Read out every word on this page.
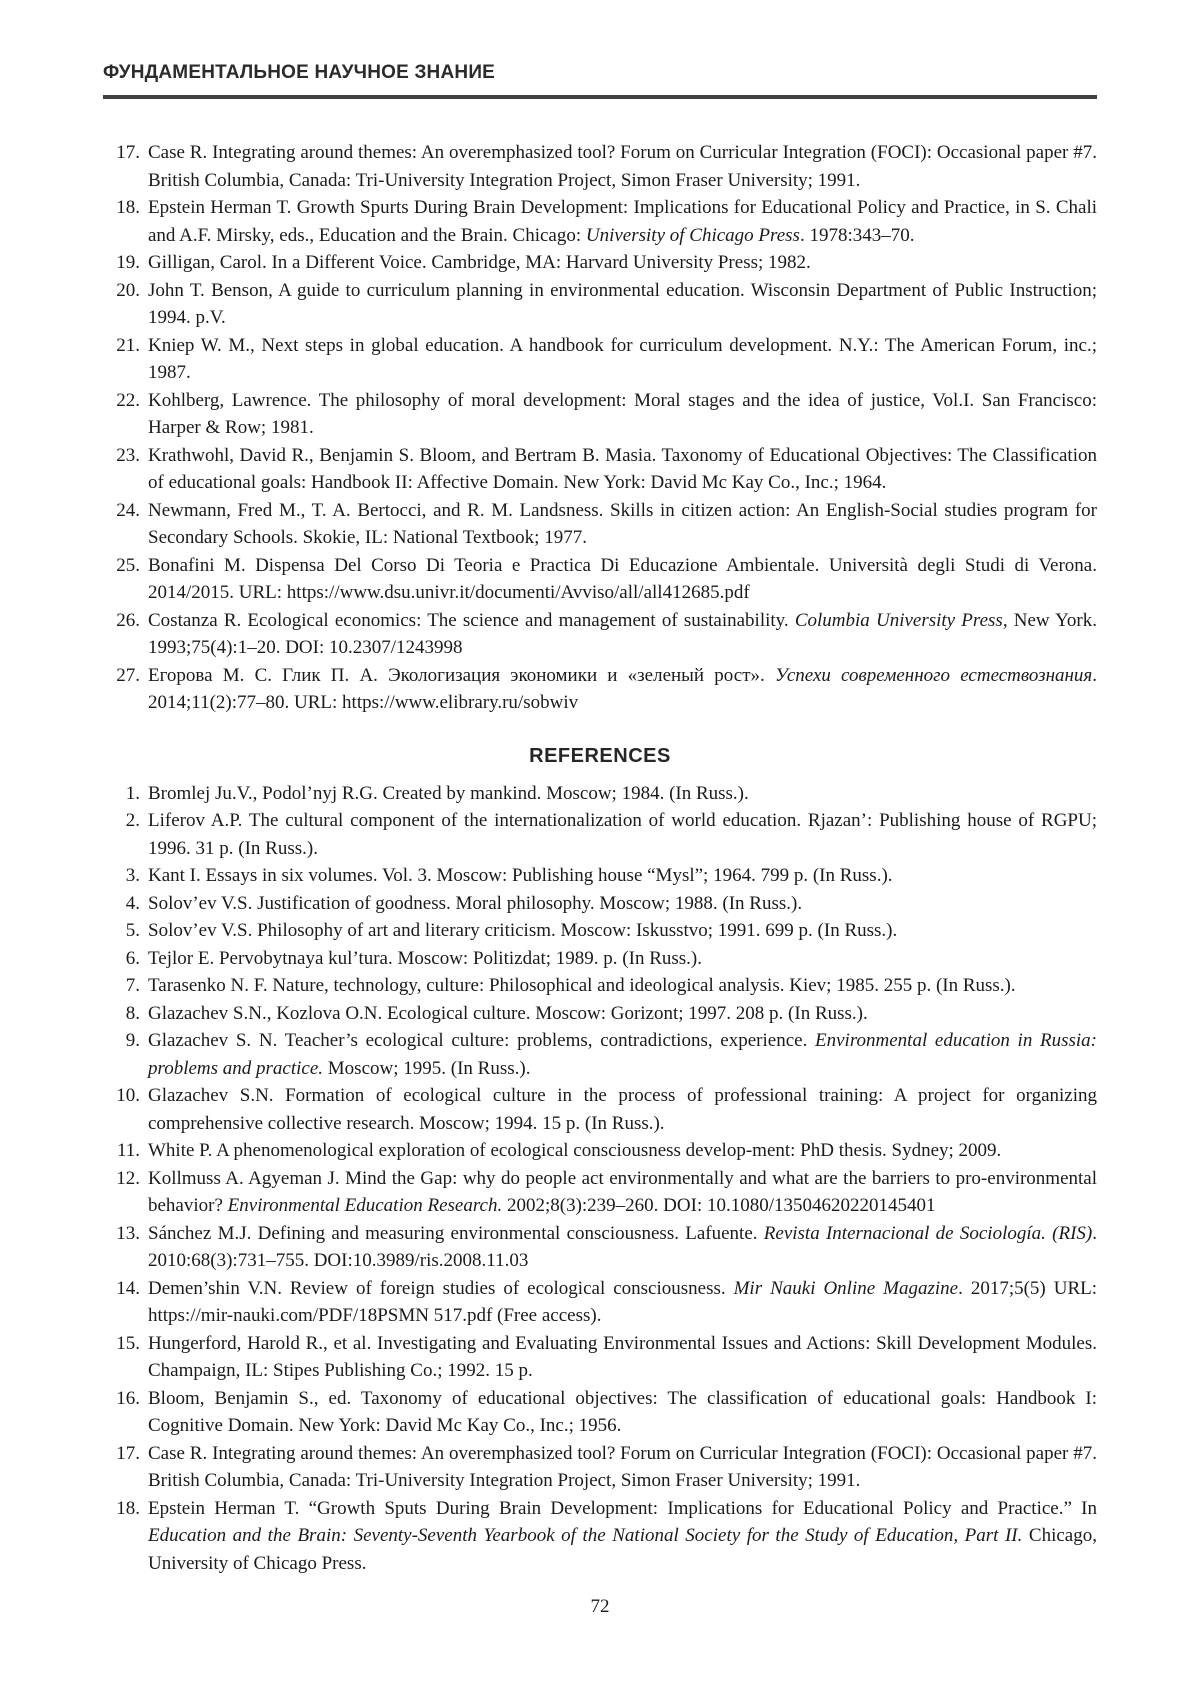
ФУНДАМЕНТАЛЬНОЕ НАУЧНОЕ ЗНАНИЕ
17. Case R. Integrating around themes: An overemphasized tool? Forum on Curricular Integration (FOCI): Occasional paper #7. British Columbia, Canada: Tri-University Integration Project, Simon Fraser University; 1991.
18. Epstein Herman T. Growth Spurts During Brain Development: Implications for Educational Policy and Practice, in S. Chali and A.F. Mirsky, eds., Education and the Brain. Chicago: University of Chicago Press. 1978:343–70.
19. Gilligan, Carol. In a Different Voice. Cambridge, MA: Harvard University Press; 1982.
20. John T. Benson, A guide to curriculum planning in environmental education. Wisconsin Department of Public Instruction; 1994. p.V.
21. Kniep W. M., Next steps in global education. A handbook for curriculum development. N.Y.: The American Forum, inc.; 1987.
22. Kohlberg, Lawrence. The philosophy of moral development: Moral stages and the idea of justice, Vol.I. San Francisco: Harper & Row; 1981.
23. Krathwohl, David R., Benjamin S. Bloom, and Bertram B. Masia. Taxonomy of Educational Objectives: The Classification of educational goals: Handbook II: Affective Domain. New York: David Mc Kay Co., Inc.; 1964.
24. Newmann, Fred M., T. A. Bertocci, and R. M. Landsness. Skills in citizen action: An English-Social studies program for Secondary Schools. Skokie, IL: National Textbook; 1977.
25. Bonafini M. Dispensa Del Corso Di Teoria e Practica Di Educazione Ambientale. Università degli Studi di Verona. 2014/2015. URL: https://www.dsu.univr.it/documenti/Avviso/all/all412685.pdf
26. Costanza R. Ecological economics: The science and management of sustainability. Columbia University Press, New York. 1993;75(4):1–20. DOI: 10.2307/1243998
27. Егорова М. С. Глик П. А. Экологизация экономики и «зеленый рост». Успехи современного естествознания. 2014;11(2):77–80. URL: https://www.elibrary.ru/sobwiv
REFERENCES
1. Bromlej Ju.V., Podol’nyj R.G. Created by mankind. Moscow; 1984. (In Russ.).
2. Liferov A.P. The cultural component of the internationalization of world education. Rjazan’: Publishing house of RGPU; 1996. 31 p. (In Russ.).
3. Kant I. Essays in six volumes. Vol. 3. Moscow: Publishing house “Mysl”; 1964. 799 p. (In Russ.).
4. Solov’ev V.S. Justification of goodness. Moral philosophy. Moscow; 1988. (In Russ.).
5. Solov’ev V.S. Philosophy of art and literary criticism. Moscow: Iskusstvo; 1991. 699 p. (In Russ.).
6. Tejlor E. Pervobytnaya kul’tura. Moscow: Politizdat; 1989. p. (In Russ.).
7. Tarasenko N. F. Nature, technology, culture: Philosophical and ideological analysis. Kiev; 1985. 255 p. (In Russ.).
8. Glazachev S.N., Kozlova O.N. Ecological culture. Moscow: Gorizont; 1997. 208 p. (In Russ.).
9. Glazachev S. N. Teacher’s ecological culture: problems, contradictions, experience. Environmental education in Russia: problems and practice. Moscow; 1995. (In Russ.).
10. Glazachev S.N. Formation of ecological culture in the process of professional training: A project for organizing comprehensive collective research. Moscow; 1994. 15 p. (In Russ.).
11. White P. A phenomenological exploration of ecological consciousness develop-ment: PhD thesis. Sydney; 2009.
12. Kollmuss A. Agyeman J. Mind the Gap: why do people act environmentally and what are the barriers to pro-environmental behavior? Environmental Education Research. 2002;8(3):239–260. DOI: 10.1080/13504620220145401
13. Sánchez M.J. Defining and measuring environmental consciousness. Lafuente. Revista Internacional de Sociología. (RIS). 2010:68(3):731–755. DOI:10.3989/ris.2008.11.03
14. Demen’shin V.N. Review of foreign studies of ecological consciousness. Mir Nauki Online Magazine. 2017;5(5) URL: https://mir-nauki.com/PDF/18PSMN 517.pdf (Free access).
15. Hungerford, Harold R., et al. Investigating and Evaluating Environmental Issues and Actions: Skill Development Modules. Champaign, IL: Stipes Publishing Co.; 1992. 15 p.
16. Bloom, Benjamin S., ed. Taxonomy of educational objectives: The classification of educational goals: Handbook I: Cognitive Domain. New York: David Mc Kay Co., Inc.; 1956.
17. Case R. Integrating around themes: An overemphasized tool? Forum on Curricular Integration (FOCI): Occasional paper #7. British Columbia, Canada: Tri-University Integration Project, Simon Fraser University; 1991.
18. Epstein Herman T. “Growth Sputs During Brain Development: Implications for Educational Policy and Practice.” In Education and the Brain: Seventy-Seventh Yearbook of the National Society for the Study of Education, Part II. Chicago, University of Chicago Press.
72
